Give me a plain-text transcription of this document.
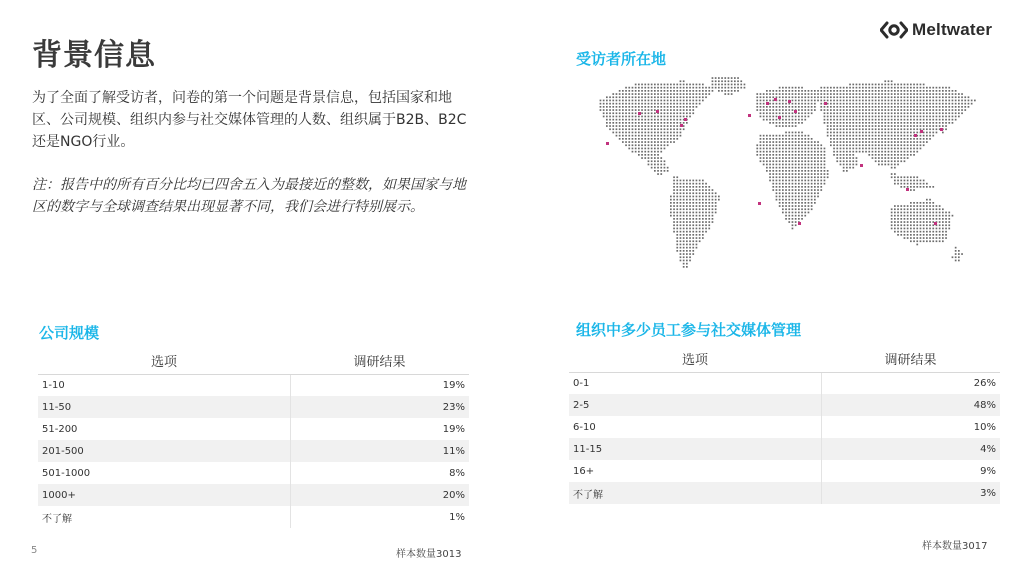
背景信息
Meltwater

为了全面了解受访者，问卷的第一个问题是背景信息，包括国家和地区、公司规模、组织内参与社交媒体管理的人数、组织属于B2B、B2C还是NGO行业。

注：报告中的所有百分比均已四舍五入为最接近的整数，如果国家与地区的数字与全球调查结果出现显著不同，我们会进行特别展示。

受访者所在地
公司规模
选项	调研结果
1-10	19%
11-50	23%
51-200	19%
201-500	11%
501-1000	8%
1000+	20%
不了解	1%
组织中多少员工参与社交媒体管理
选项	调研结果
0-1	26%
2-5	48%
6-10	10%
11-15	4%
16+	9%
不了解	3%
5	样本数量3013
样本数量3017
